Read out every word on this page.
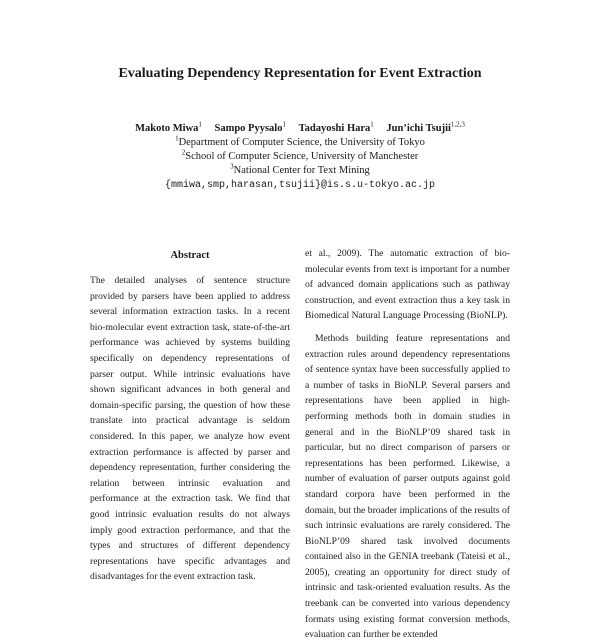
Evaluating Dependency Representation for Event Extraction
Makoto Miwa$^1$ Sampo Pyysalo$^1$ Tadayoshi Hara$^1$ Jun’ichi Tsujii$^{1,2,3}$
$^1$Department of Computer Science, the University of Tokyo
$^2$School of Computer Science, University of Manchester
$^3$National Center for Text Mining
{mmiwa,smp,harasan,tsujii}@is.s.u-tokyo.ac.jp
Abstract

The detailed analyses of sentence structure provided by parsers have been applied to address several information extraction tasks. In a recent bio-molecular event extraction task, state-of-the-art performance was achieved by systems building specifically on dependency representations of parser output. While intrinsic evaluations have shown significant advances in both general and domain-specific parsing, the question of how these translate into practical advantage is seldom considered. In this paper, we analyze how event extraction performance is affected by parser and dependency representation, further considering the relation between intrinsic evaluation and performance at the extraction task. We find that good intrinsic evaluation results do not always imply good extraction performance, and that the types and structures of different dependency representations have specific advantages and disadvantages for the event extraction task.

et al., 2009). The automatic extraction of bio-molecular events from text is important for a number of advanced domain applications such as pathway construction, and event extraction thus a key task in Biomedical Natural Language Processing (BioNLP).

Methods building feature representations and extraction rules around dependency representations of sentence syntax have been successfully applied to a number of tasks in BioNLP. Several parsers and representations have been applied in high-performing methods both in domain studies in general and in the BioNLP’09 shared task in particular, but no direct comparison of parsers or representations has been performed. Likewise, a number of evaluation of parser outputs against gold standard corpora have been performed in the domain, but the broader implications of the results of such intrinsic evaluations are rarely considered. The BioNLP’09 shared task involved documents contained also in the GENIA treebank (Tateisi et al., 2005), creating an opportunity for direct study of intrinsic and task-oriented evaluation results. As the treebank can be converted into various dependency formats using existing format conversion methods, evaluation can further be extended
